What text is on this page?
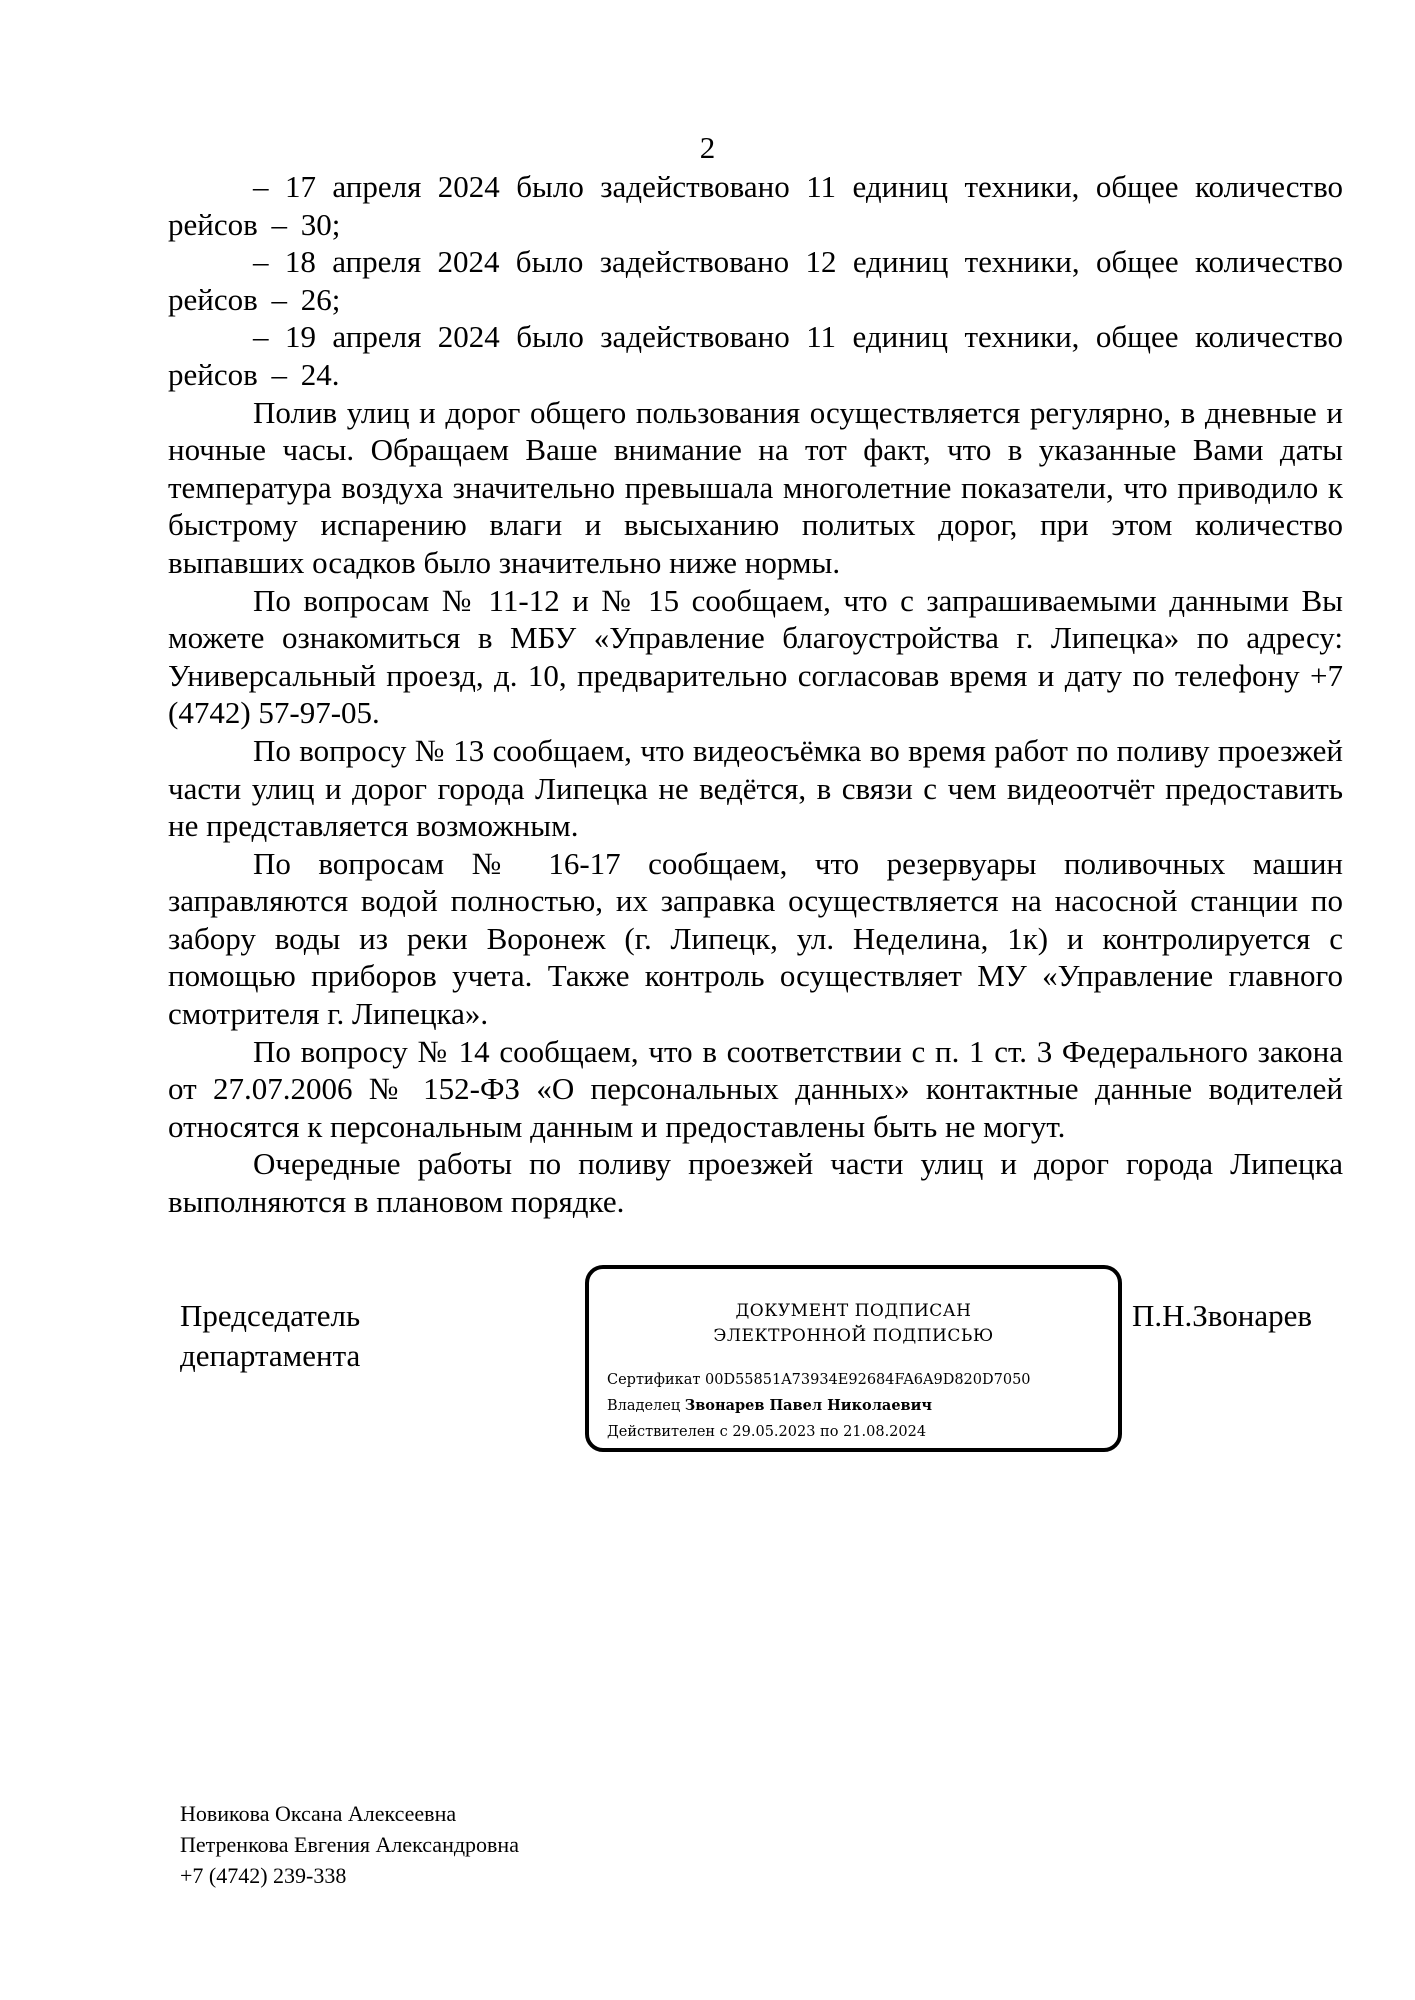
2

– 17 апреля 2024 было задействовано 11 единиц техники, общее количество рейсов – 30;

– 18 апреля 2024 было задействовано 12 единиц техники, общее количество рейсов – 26;

– 19 апреля 2024 было задействовано 11 единиц техники, общее количество рейсов – 24.

Полив улиц и дорог общего пользования осуществляется регулярно, в дневные и ночные часы. Обращаем Ваше внимание на тот факт, что в указанные Вами даты температура воздуха значительно превышала многолетние показатели, что приводило к быстрому испарению влаги и высыханию политых дорог, при этом количество выпавших осадков было значительно ниже нормы.

По вопросам № 11-12 и № 15 сообщаем, что с запрашиваемыми данными Вы можете ознакомиться в МБУ «Управление благоустройства г. Липецка» по адресу: Универсальный проезд, д. 10, предварительно согласовав время и дату по телефону +7 (4742) 57-97-05.

По вопросу № 13 сообщаем, что видеосъёмка во время работ по поливу проезжей части улиц и дорог города Липецка не ведётся, в связи с чем видеоотчёт предоставить не представляется возможным.

По вопросам № 16-17 сообщаем, что резервуары поливочных машин заправляются водой полностью, их заправка осуществляется на насосной станции по забору воды из реки Воронеж (г. Липецк, ул. Неделина, 1к) и контролируется с помощью приборов учета. Также контроль осуществляет МУ «Управление главного смотрителя г. Липецка».

По вопросу № 14 сообщаем, что в соответствии с п. 1 ст. 3 Федерального закона от 27.07.2006 № 152-ФЗ «О персональных данных» контактные данные водителей относятся к персональным данным и предоставлены быть не могут.

Очередные работы по поливу проезжей части улиц и дорог города Липецка выполняются в плановом порядке.

Председатель
департамента
ДОКУМЕНТ ПОДПИСАН
ЭЛЕКТРОННОЙ ПОДПИСЬЮ
Сертификат 00D55851A73934E92684FA6A9D820D7050
Владелец Звонарев Павел Николаевич
Действителен с 29.05.2023 по 21.08.2024
П.Н.Звонарев
Новикова Оксана Алексеевна
Петренкова Евгения Александровна
+7 (4742) 239-338
